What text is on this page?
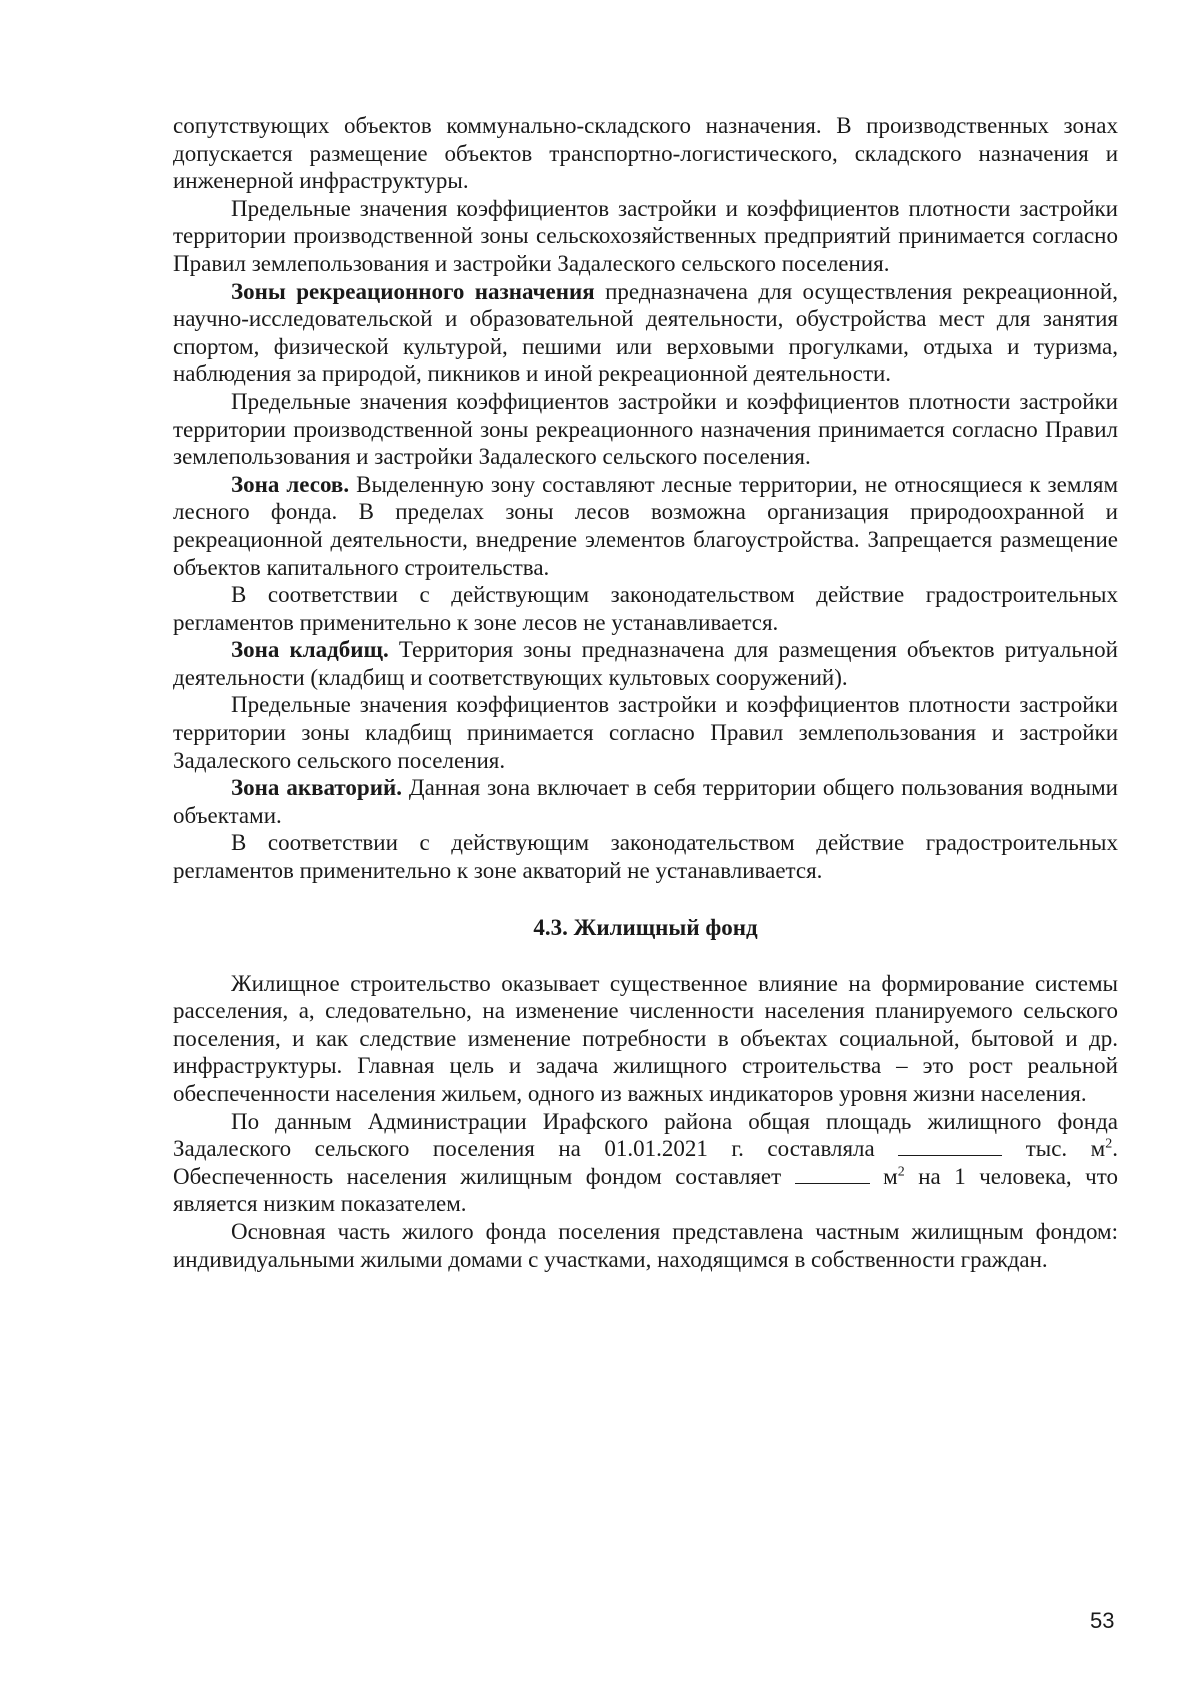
сопутствующих объектов коммунально-складского назначения. В производственных зонах допускается размещение объектов транспортно-логистического, складского назначения и инженерной инфраструктуры.

Предельные значения коэффициентов застройки и коэффициентов плотности застройки территории производственной зоны сельскохозяйственных предприятий принимается согласно Правил землепользования и застройки Задалеского сельского поселения.

Зоны рекреационного назначения предназначена для осуществления рекреационной, научно-исследовательской и образовательной деятельности, обустройства мест для занятия спортом, физической культурой, пешими или верховыми прогулками, отдыха и туризма, наблюдения за природой, пикников и иной рекреационной деятельности.

Предельные значения коэффициентов застройки и коэффициентов плотности застройки территории производственной зоны рекреационного назначения принимается согласно Правил землепользования и застройки Задалеского сельского поселения.

Зона лесов. Выделенную зону составляют лесные территории, не относящиеся к землям лесного фонда. В пределах зоны лесов возможна организация природоохранной и рекреационной деятельности, внедрение элементов благоустройства. Запрещается размещение объектов капитального строительства.

В соответствии с действующим законодательством действие градостроительных регламентов применительно к зоне лесов не устанавливается.

Зона кладбищ. Территория зоны предназначена для размещения объектов ритуальной деятельности (кладбищ и соответствующих культовых сооружений).

Предельные значения коэффициентов застройки и коэффициентов плотности застройки территории зоны кладбищ принимается согласно Правил землепользования и застройки Задалеского сельского поселения.

Зона акваторий. Данная зона включает в себя территории общего пользования водными объектами.

В соответствии с действующим законодательством действие градостроительных регламентов применительно к зоне акваторий не устанавливается.

4.3. Жилищный фонд

Жилищное строительство оказывает существенное влияние на формирование системы расселения, а, следовательно, на изменение численности населения планируемого сельского поселения, и как следствие изменение потребности в объектах социальной, бытовой и др. инфраструктуры. Главная цель и задача жилищного строительства – это рост реальной обеспеченности населения жильем, одного из важных индикаторов уровня жизни населения.

По данным Администрации Ирафского района общая площадь жилищного фонда Задалеского сельского поселения на 01.01.2021 г. составляла	тыс. $м^2$. Обеспеченность населения жилищным фондом составляет	$м^2$ на 1 человека, что является низким показателем.

Основная часть жилого фонда поселения представлена частным жилищным фондом: индивидуальными жилыми домами с участками, находящимся в собственности граждан.

53
